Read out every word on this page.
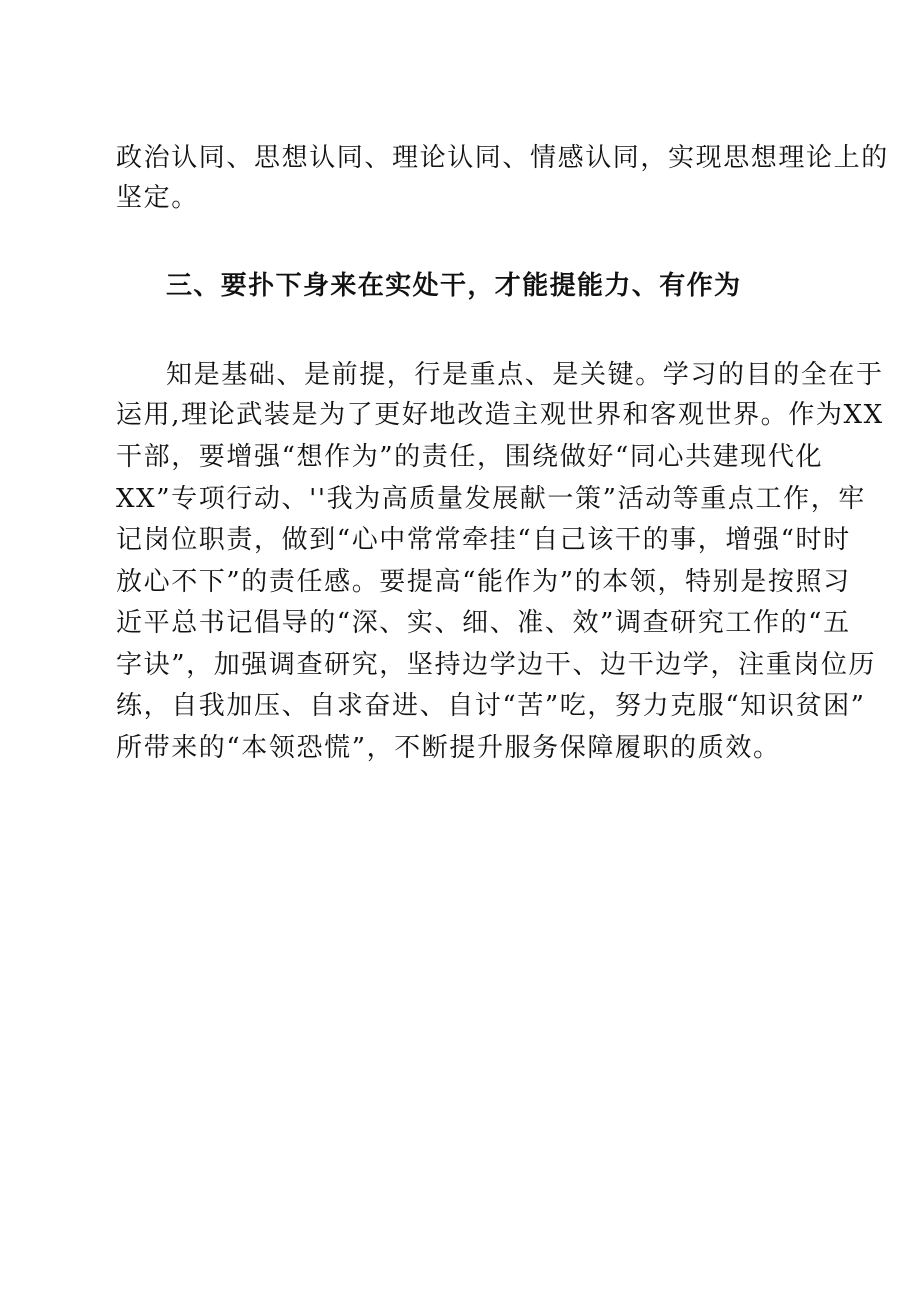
政治认同、思想认同、理论认同、情感认同，实现思想理论上的
坚定。
三、要扑下身来在实处干，才能提能力、有作为
知是基础、是前提，行是重点、是关键。学习的目的全在于
运用,理论武装是为了更好地改造主观世界和客观世界。作为XX
干部，要增强“想作为”的责任，围绕做好“同心共建现代化
XX”专项行动、''我为高质量发展献一策”活动等重点工作，牢
记岗位职责，做到“心中常常牵挂“自己该干的事，增强“时时
放心不下”的责任感。要提高“能作为”的本领，特别是按照习
近平总书记倡导的“深、实、细、准、效”调查研究工作的“五
字诀”，加强调查研究，坚持边学边干、边干边学，注重岗位历
练，自我加压、自求奋进、自讨“苦”吃，努力克服“知识贫困”
所带来的“本领恐慌”，不断提升服务保障履职的质效。
